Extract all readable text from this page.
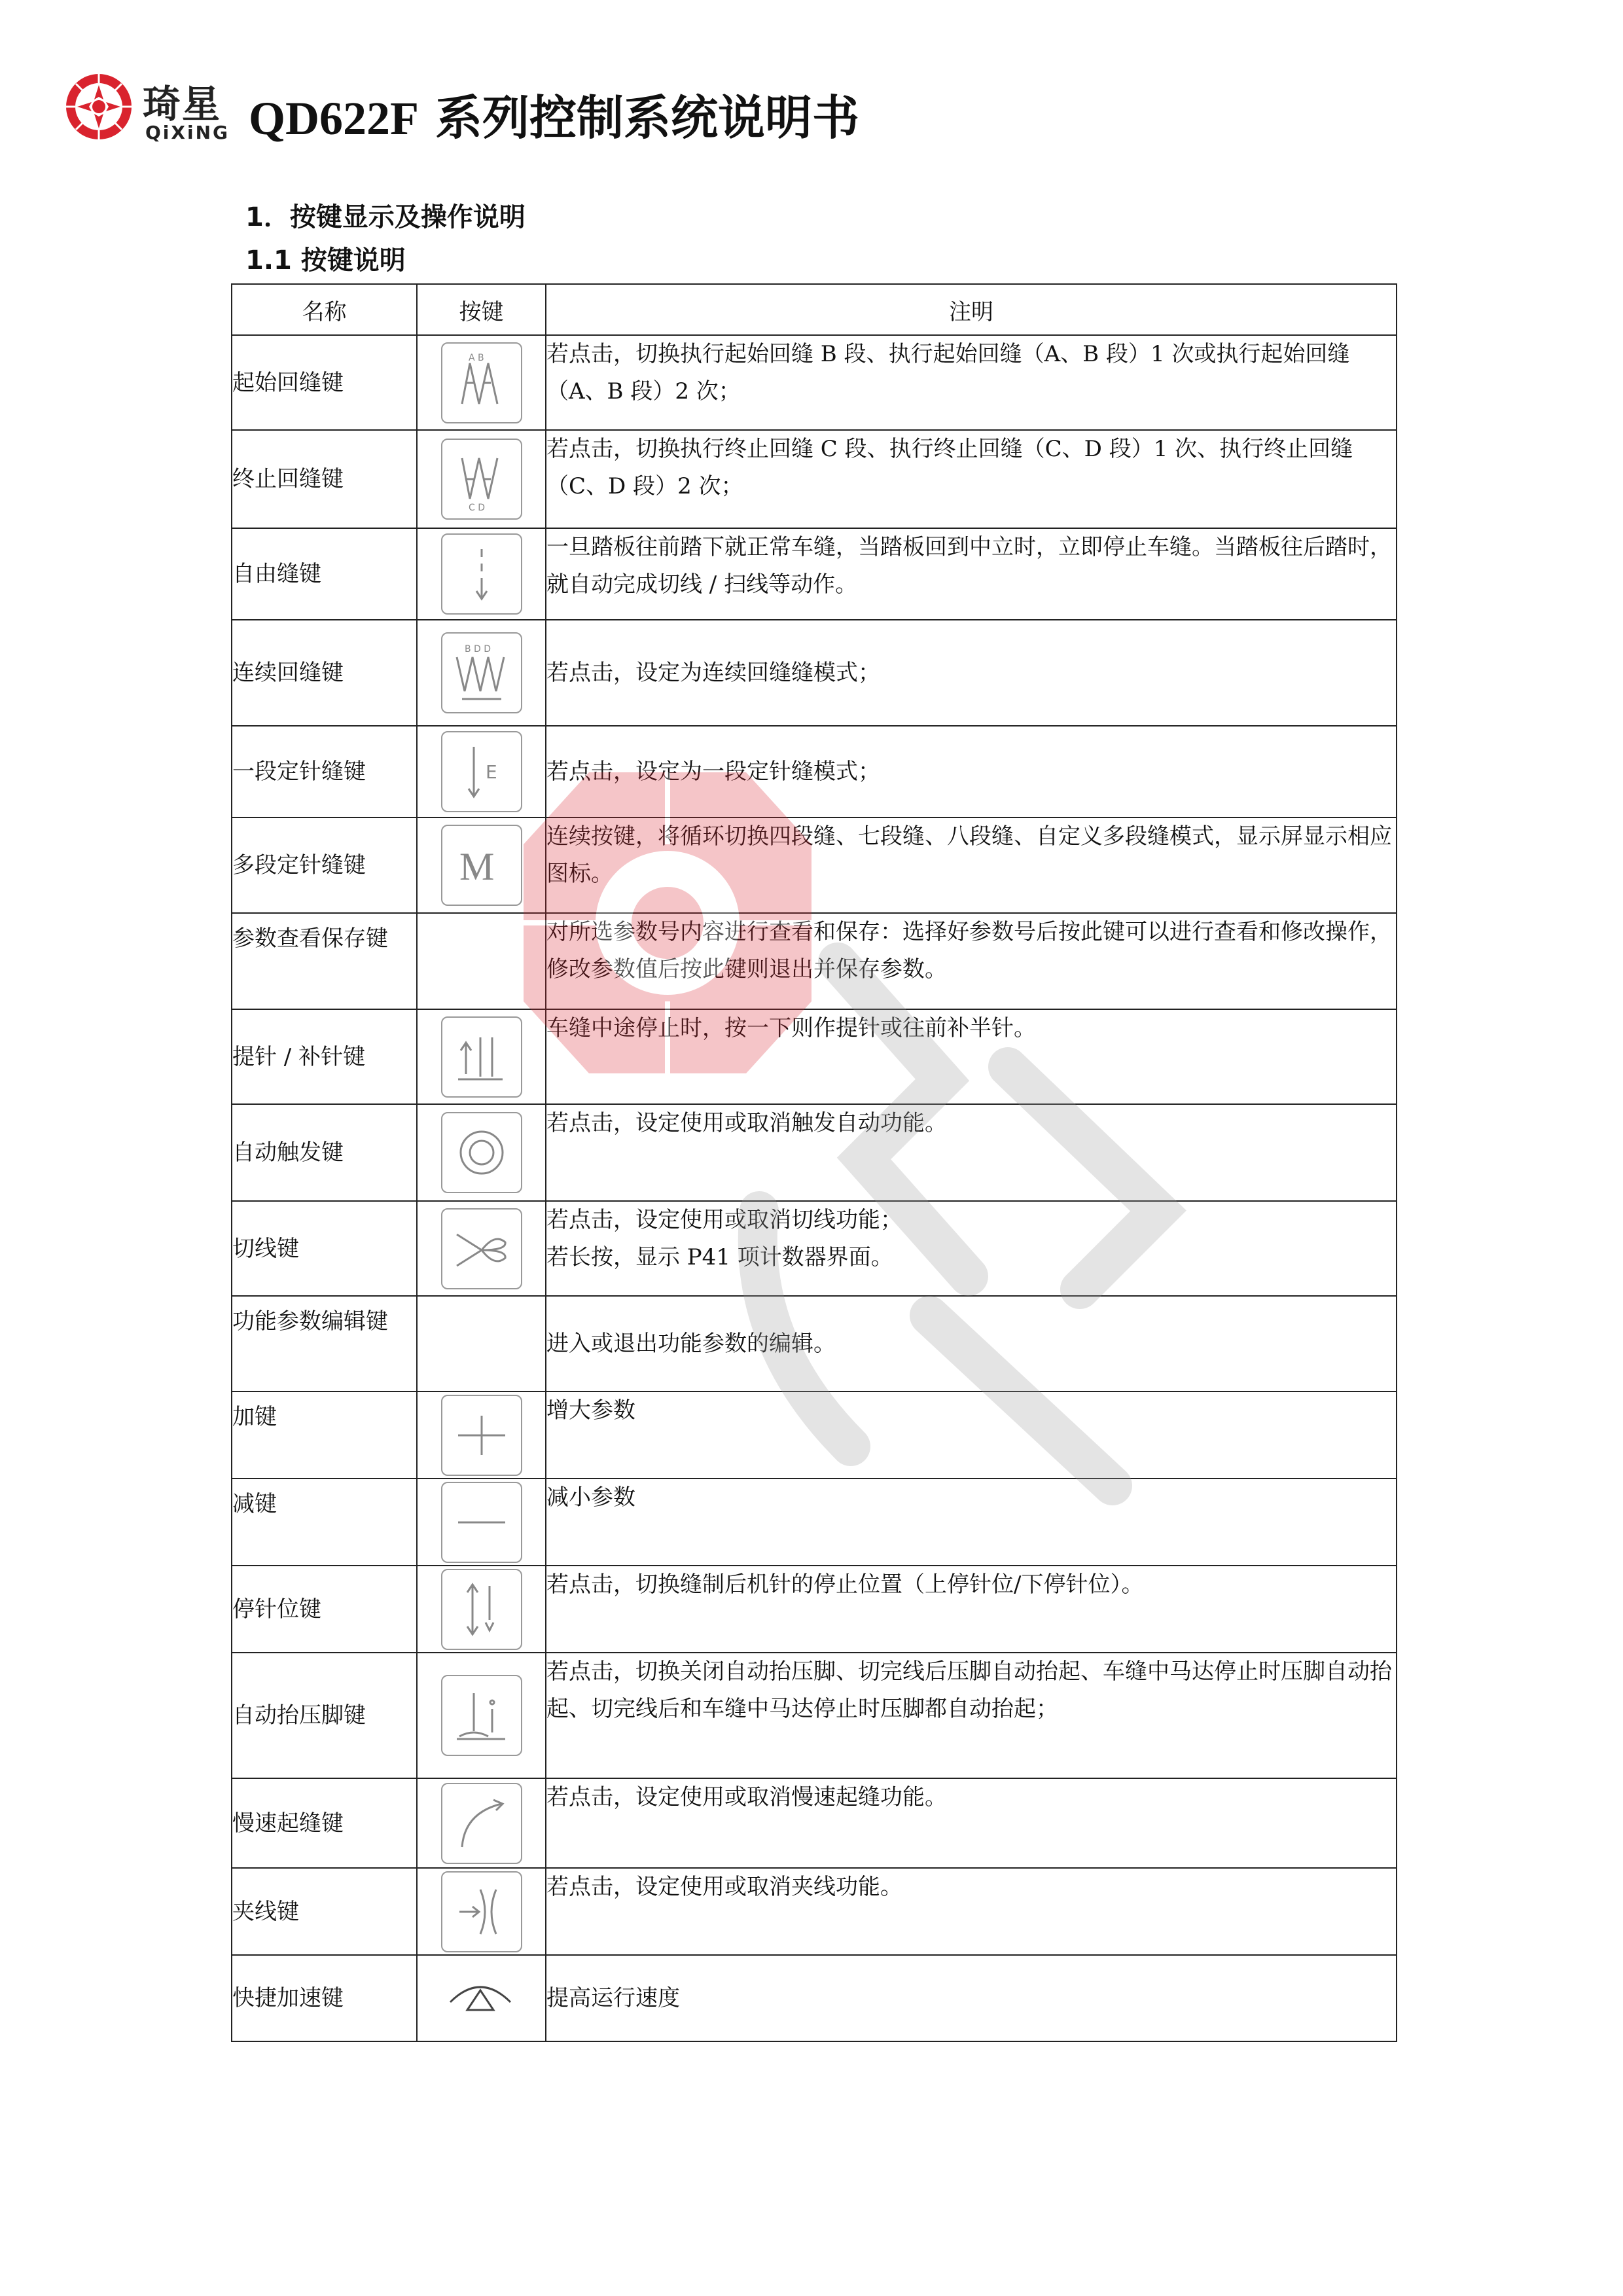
琦星
QiXiNG QD622F 系列控制系统说明书
1．按键显示及操作说明
1.1 按键说明
名称	按键	注明
起始回缝键	A B	若点击，切换执行起始回缝 B 段、执行起始回缝（A、B 段）1 次或执行起始回缝（A、B 段）2 次；
终止回缝键	C D	若点击，切换执行终止回缝 C 段、执行终止回缝（C、D 段）1 次、执行终止回缝（C、D 段）2 次；
自由缝键		一旦踏板往前踏下就正常车缝，当踏板回到中立时，立即停止车缝。当踏板往后踏时，就自动完成切线 / 扫线等动作。
连续回缝键	B D D	若点击，设定为连续回缝缝模式；
一段定针缝键	E	若点击，设定为一段定针缝模式；
多段定针缝键	M	连续按键，将循环切换四段缝、七段缝、八段缝、自定义多段缝模式，显示屏显示相应图标。
参数查看保存键		对所选参数号内容进行查看和保存：选择好参数号后按此键可以进行查看和修改操作，修改参数值后按此键则退出并保存参数。
提针 / 补针键		车缝中途停止时，按一下则作提针或往前补半针。
自动触发键		若点击，设定使用或取消触发自动功能。
切线键		若点击，设定使用或取消切线功能；
若长按，显示 P41 项计数器界面。

功能参数编辑键		进入或退出功能参数的编辑。
加键		增大参数
减键		减小参数
停针位键		若点击，切换缝制后机针的停止位置（上停针位/下停针位）。
自动抬压脚键		若点击，切换关闭自动抬压脚、切完线后压脚自动抬起、车缝中马达停止时压脚自动抬起、切完线后和车缝中马达停止时压脚都自动抬起；
慢速起缝键		若点击，设定使用或取消慢速起缝功能。
夹线键		若点击，设定使用或取消夹线功能。
快捷加速键		提高运行速度
